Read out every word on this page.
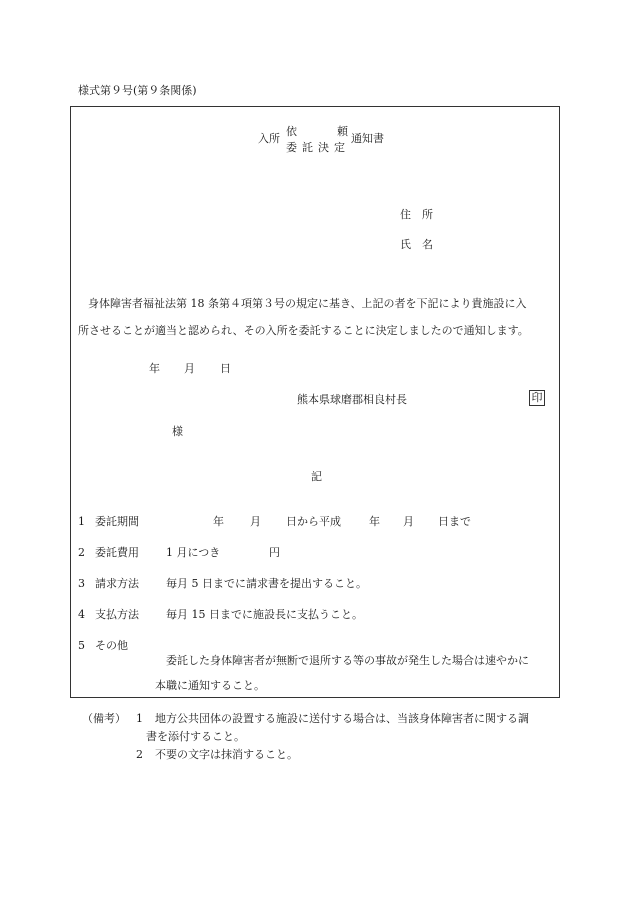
様式第９号(第９条関係)
入所
依	頼
委託決定
通知書
住　所
氏　名
身体障害者福祉法第 18 条第４項第３号の規定に基き、上記の者を下記により貴施設に入
所させることが適当と認められ、その入所を委託することに決定しましたので通知します。
年 月 日
熊本県球磨郡相良村長	印
様
記
1 委託期間	年 月 日から平成	年 月 日まで
2 委託費用 1 月につき	円
3 請求方法 毎月 5 日までに請求書を提出すること。
4 支払方法 毎月 15 日までに施設長に支払うこと。
5 その他
委託した身体障害者が無断で退所する等の事故が発生した場合は速やかに
本職に通知すること。
（備考） 1 地方公共団体の設置する施設に送付する場合は、当該身体障害者に関する調
書を添付すること。
2 不要の文字は抹消すること。
